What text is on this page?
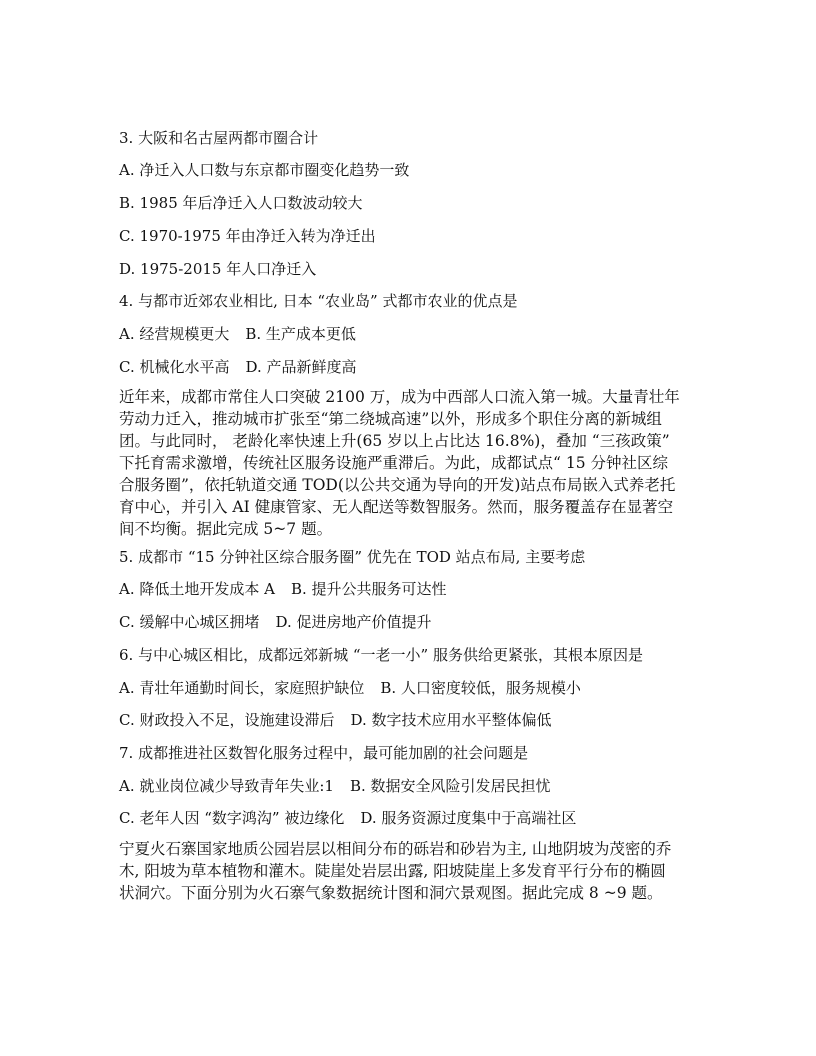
3. 大阪和名古屋两都市圈合计
A. 净迁入人口数与东京都市圈变化趋势一致
B. 1985 年后净迁入人口数波动较大
C. 1970-1975 年由净迁入转为净迁出
D. 1975-2015 年人口净迁入
4. 与都市近郊农业相比, 日本 “农业岛” 式都市农业的优点是
A. 经营规模更大 B. 生产成本更低
C. 机械化水平高 D. 产品新鲜度高
近年来，成都市常住人口突破 2100 万，成为中西部人口流入第一城。大量青壮年
劳动力迁入，推动城市扩张至“第二绕城高速”以外，形成多个职住分离的新城组
团。与此同时， 老龄化率快速上升(65 岁以上占比达 16.8%)，叠加 “三孩政策”
下托育需求激增，传统社区服务设施严重滞后。为此，成都试点“ 15 分钟社区综
合服务圈”，依托轨道交通 TOD(以公共交通为导向的开发)站点布局嵌入式养老托
育中心，并引入 AI 健康管家、无人配送等数智服务。然而，服务覆盖存在显著空
间不均衡。据此完成 5~7 题。
5. 成都市 “15 分钟社区综合服务圈” 优先在 TOD 站点布局, 主要考虑
A. 降低土地开发成本 A B. 提升公共服务可达性
C. 缓解中心城区拥堵 D. 促进房地产价值提升
6. 与中心城区相比，成都远郊新城 “一老一小” 服务供给更紧张，其根本原因是
A. 青壮年通勤时间长，家庭照护缺位 B. 人口密度较低，服务规模小
C. 财政投入不足，设施建设滞后 D. 数字技术应用水平整体偏低
7. 成都推进社区数智化服务过程中，最可能加剧的社会问题是
A. 就业岗位减少导致青年失业:1 B. 数据安全风险引发居民担忧
C. 老年人因 “数字鸿沟” 被边缘化 D. 服务资源过度集中于高端社区
宁夏火石寨国家地质公园岩层以相间分布的砾岩和砂岩为主, 山地阴坡为茂密的乔
木, 阳坡为草本植物和灌木。陡崖处岩层出露, 阳坡陡崖上多发育平行分布的椭圆
状洞穴。下面分别为火石寨气象数据统计图和洞穴景观图。据此完成 8 ~9 题。
